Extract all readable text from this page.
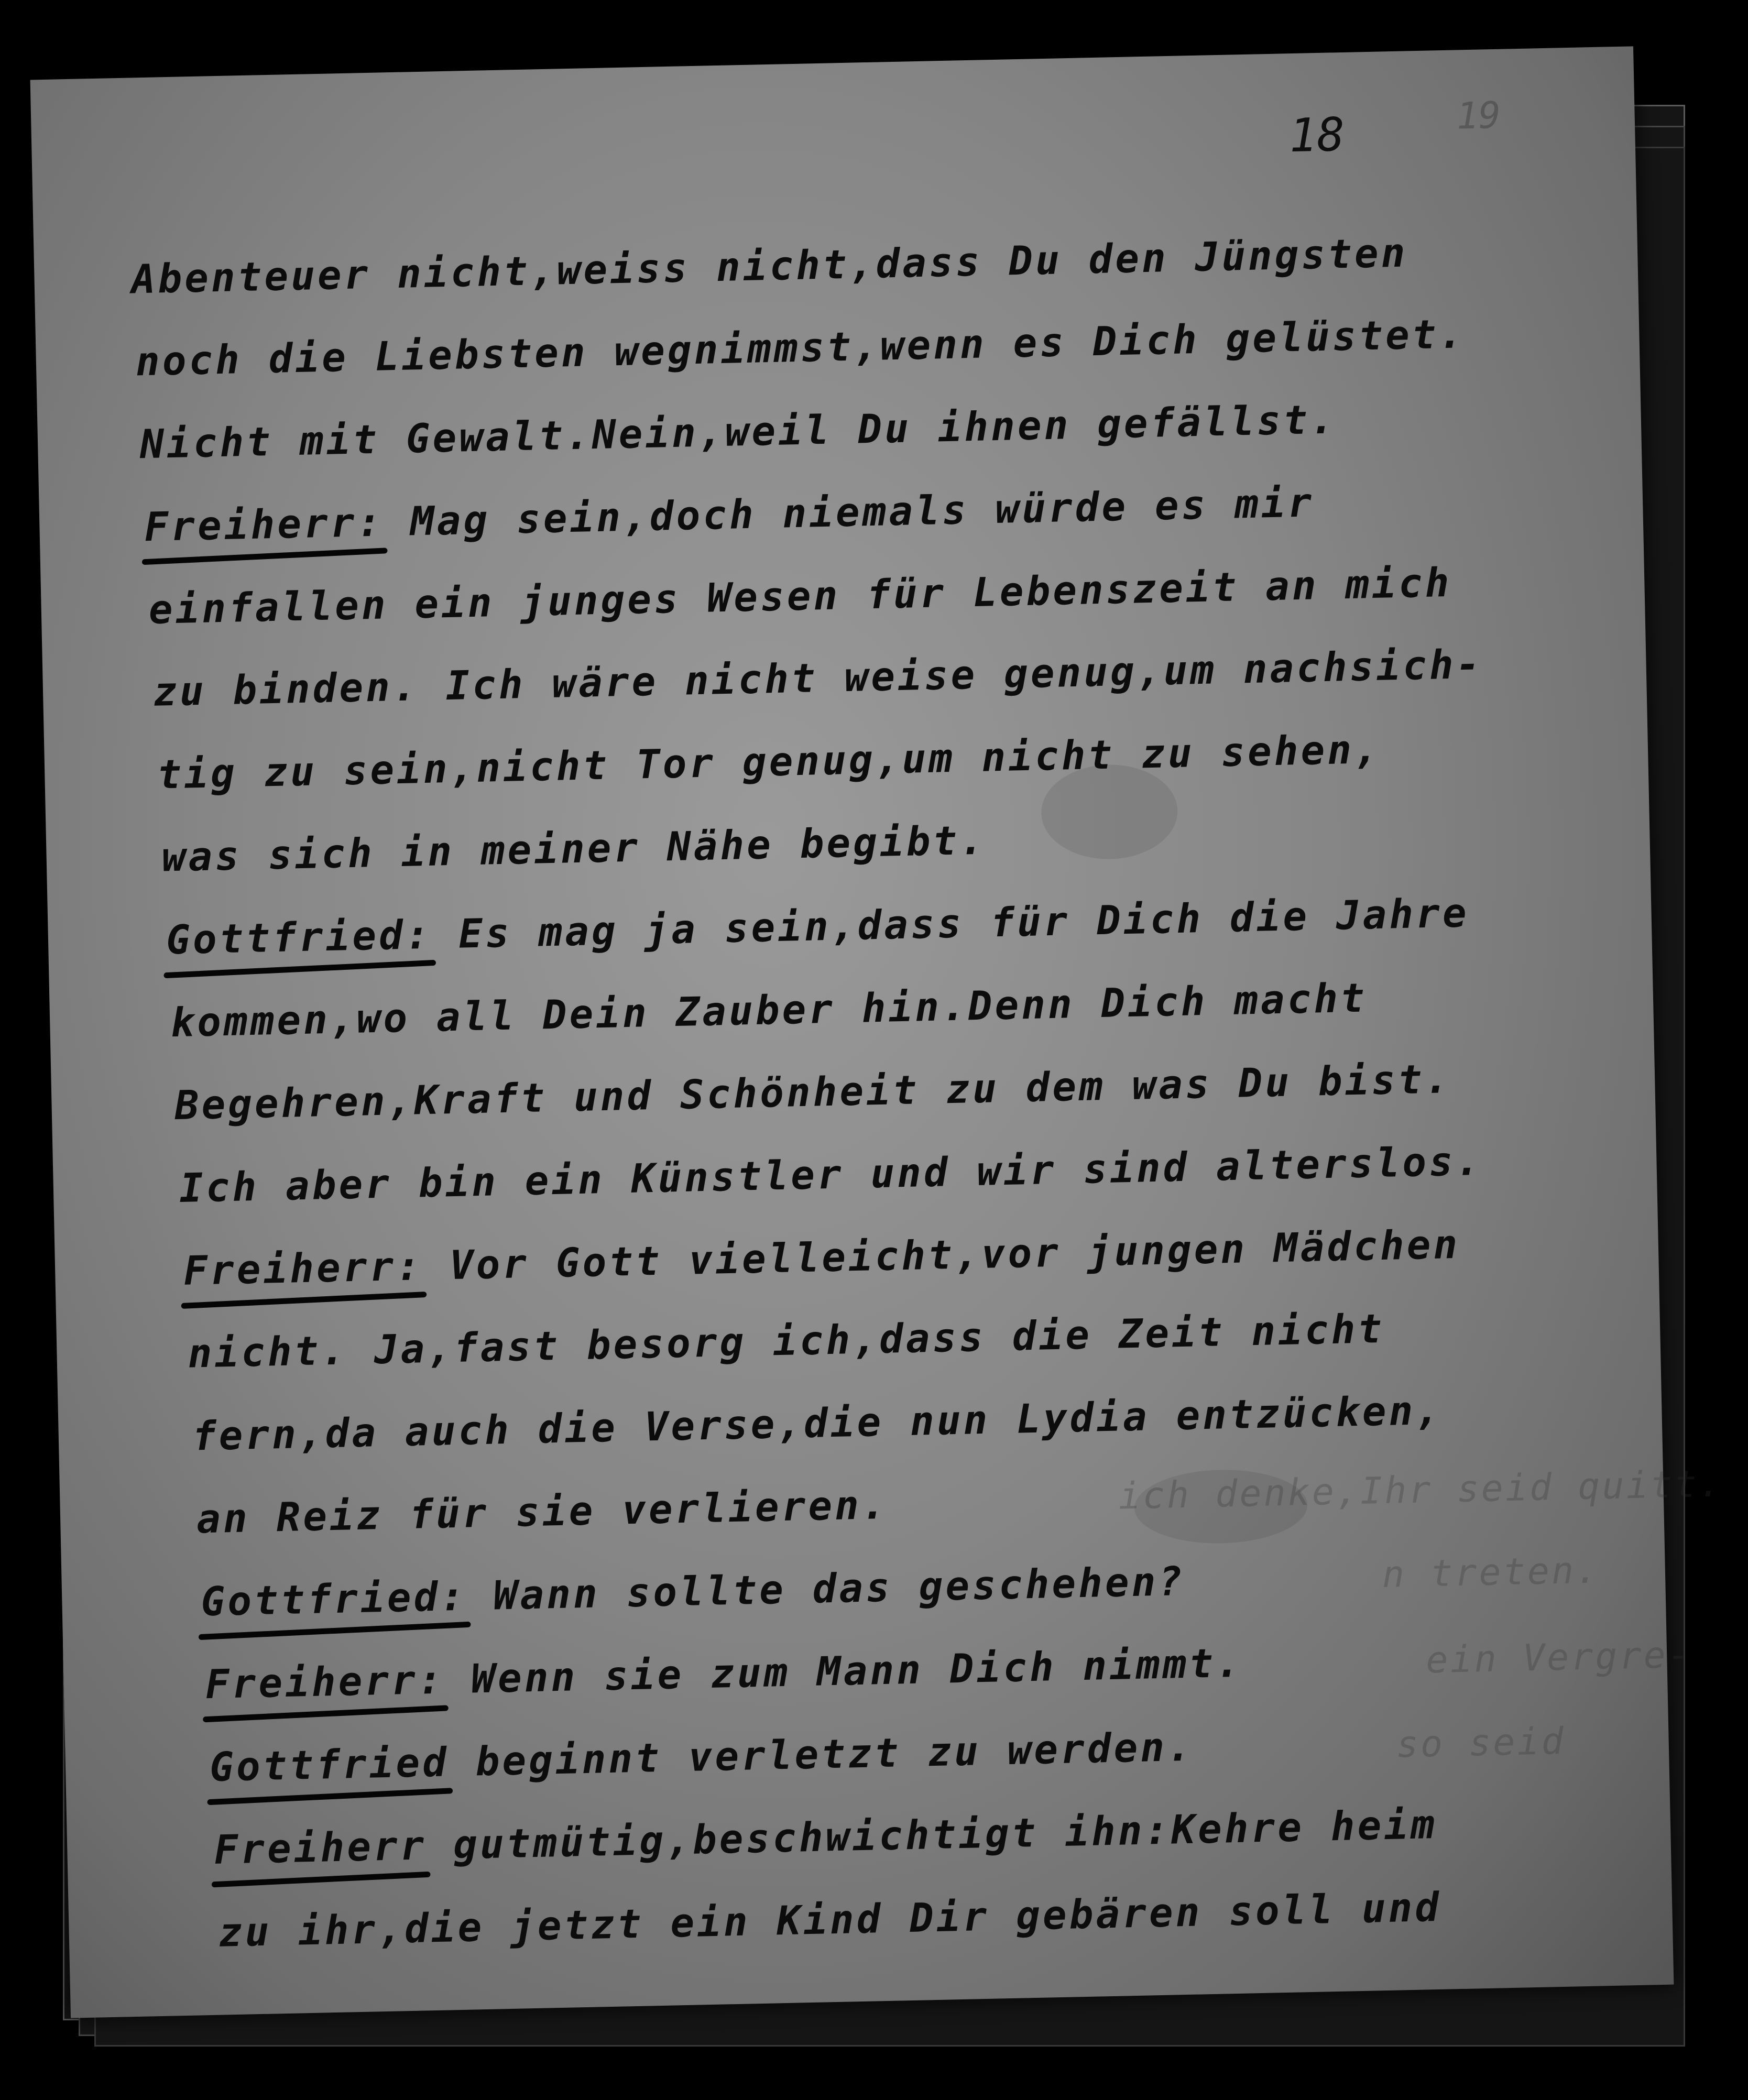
18	19
ich denke,Ihr seid quitt.
n treten.
ein Vergre-
so seid
Abenteuer nicht,weiss nicht,dass Du den Jüngsten
noch die Liebsten wegnimmst,wenn es Dich gelüstet.
Nicht mit Gewalt.Nein,weil Du ihnen gefällst.
Freiherr:
Mag sein,doch niemals würde es mir
einfallen ein junges Wesen für Lebenszeit an mich
zu binden. Ich wäre nicht weise genug,um nachsich-
tig zu sein,nicht Tor genug,um nicht zu sehen,
was sich in meiner Nähe begibt.
Gottfried:
Es mag ja sein,dass für Dich die Jahre
kommen,wo all Dein Zauber hin.Denn Dich macht
Begehren,Kraft und Schönheit zu dem was Du bist.
Ich aber bin ein Künstler und wir sind alterslos.
Freiherr:
Vor Gott vielleicht,vor jungen Mädchen
nicht. Ja,fast besorg ich,dass die Zeit nicht
fern,da auch die Verse,die nun Lydia entzücken,
an Reiz für sie verlieren.
Gottfried:
Wann sollte das geschehen?
Freiherr:
Wenn sie zum Mann Dich nimmt.
Gottfried
beginnt verletzt zu werden.
Freiherr
gutmütig,beschwichtigt ihn:Kehre heim
zu ihr,die jetzt ein Kind Dir gebären soll und
